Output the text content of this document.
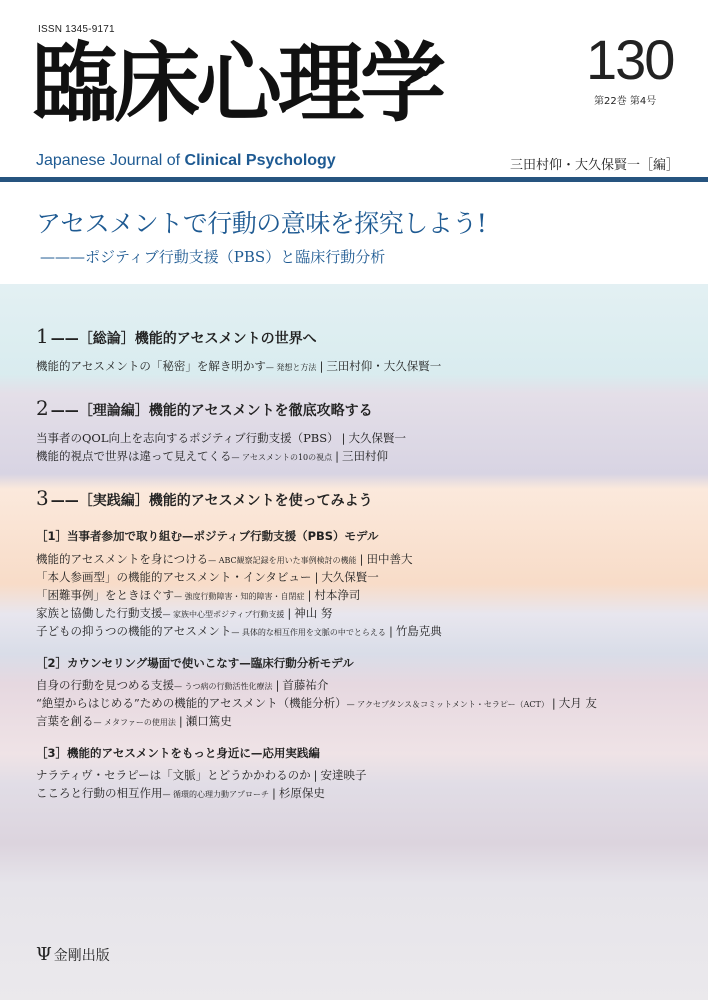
ISSN 1345-9171
臨床心理学	130
第22巻 第4号
Japanese Journal of Clinical Psychology	三田村仰・大久保賢一［編］
アセスメントで行動の意味を探究しよう!
———ポジティブ行動支援（PBS）と臨床行動分析
1 ——［総論］機能的アセスメントの世界へ
機能的アセスメントの「秘密」を解き明かす— 発想と方法 | 三田村仰・大久保賢一
2 ——［理論編］機能的アセスメントを徹底攻略する
当事者のQOL向上を志向するポジティブ行動支援（PBS） | 大久保賢一
機能的視点で世界は違って見えてくる— アセスメントの10の視点 | 三田村仰
3 ——［実践編］機能的アセスメントを使ってみよう
［1］当事者参加で取り組む—ポジティブ行動支援（PBS）モデル
機能的アセスメントを身につける— ABC観察記録を用いた事例検討の機能 | 田中善大
「本人参画型」の機能的アセスメント・インタビュー | 大久保賢一
「困難事例」をときほぐす— 強度行動障害・知的障害・自閉症 | 村本浄司
家族と協働した行動支援— 家族中心型ポジティブ行動支援 | 神山 努
子どもの抑うつの機能的アセスメント— 具体的な相互作用を文脈の中でとらえる | 竹島克典
［2］カウンセリング場面で使いこなす—臨床行動分析モデル
自身の行動を見つめる支援— うつ病の行動活性化療法 | 首藤祐介
“絶望からはじめる”ための機能的アセスメント（機能分析）— アクセプタンス＆コミットメント・セラピー（ACT） | 大月 友
言葉を創る— メタファーの使用法 | 瀬口篤史
［3］機能的アセスメントをもっと身近に—応用実践編
ナラティヴ・セラピーは「文脈」とどうかかわるのか | 安達映子
こころと行動の相互作用— 循環的心理力動アプローチ | 杉原保史
Ψ 金剛出版
